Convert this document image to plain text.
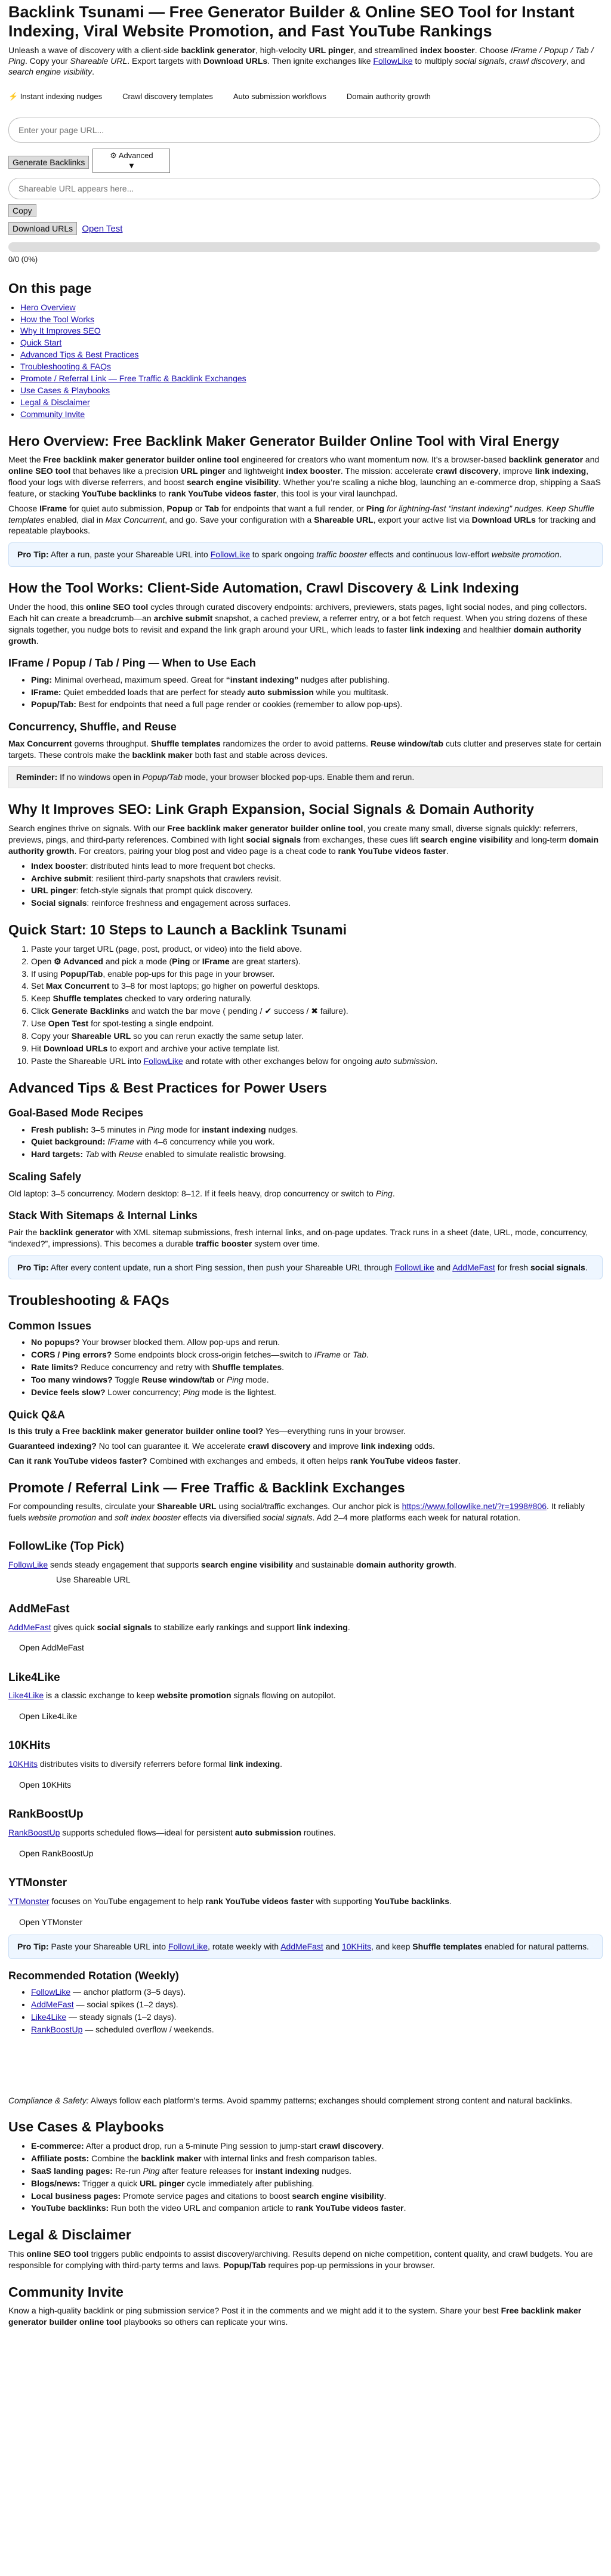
Backlink Tsunami — Free Generator Builder & Online SEO Tool for Instant Indexing, Viral Website Promotion, and Fast YouTube Rankings

Unleash a wave of discovery with a client-side backlink generator, high-velocity URL pinger, and streamlined index booster. Choose IFrame / Popup / Tab / Ping. Copy your Shareable URL. Export targets with Download URLs. Then ignite exchanges like FollowLike to multiply social signals, crawl discovery, and search engine visibility.

⚡ Instant indexing nudges	Crawl discovery templates	Auto submission workflows	Domain authority growth
Enter your page URL...
Generate Backlinks
⚙ Advanced
▼
Shareable URL appears here...
Copy
Download URLs Open Test
0/0 (0%)
On this page
• Hero Overview
• How the Tool Works
• Why It Improves SEO
• Quick Start
• Advanced Tips & Best Practices
• Troubleshooting & FAQs
• Promote / Referral Link — Free Traffic & Backlink Exchanges
• Use Cases & Playbooks
• Legal & Disclaimer
• Community Invite
Hero Overview: Free Backlink Maker Generator Builder Online Tool with Viral Energy

Meet the Free backlink maker generator builder online tool engineered for creators who want momentum now. It’s a browser-based backlink generator and online SEO tool that behaves like a precision URL pinger and lightweight index booster. The mission: accelerate crawl discovery, improve link indexing, flood your logs with diverse referrers, and boost search engine visibility. Whether you’re scaling a niche blog, launching an e-commerce drop, shipping a SaaS feature, or stacking YouTube backlinks to rank YouTube videos faster, this tool is your viral launchpad.

Choose IFrame for quiet auto submission, Popup or Tab for endpoints that want a full render, or Ping for lightning-fast “instant indexing” nudges. Keep Shuffle templates enabled, dial in Max Concurrent, and go. Save your configuration with a Shareable URL, export your active list via Download URLs for tracking and repeatable playbooks.

Pro Tip: After a run, paste your Shareable URL into FollowLike to spark ongoing traffic booster effects and continuous low-effort website promotion.
How the Tool Works: Client-Side Automation, Crawl Discovery & Link Indexing

Under the hood, this online SEO tool cycles through curated discovery endpoints: archivers, previewers, stats pages, light social nodes, and ping collectors. Each hit can create a breadcrumb—an archive submit snapshot, a cached preview, a referrer entry, or a bot fetch request. When you string dozens of these signals together, you nudge bots to revisit and expand the link graph around your URL, which leads to faster link indexing and healthier domain authority growth.

IFrame / Popup / Tab / Ping — When to Use Each
• Ping: Minimal overhead, maximum speed. Great for “instant indexing” nudges after publishing.
• IFrame: Quiet embedded loads that are perfect for steady auto submission while you multitask.
• Popup/Tab: Best for endpoints that need a full page render or cookies (remember to allow pop-ups).
Concurrency, Shuffle, and Reuse

Max Concurrent governs throughput. Shuffle templates randomizes the order to avoid patterns. Reuse window/tab cuts clutter and preserves state for certain targets. These controls make the backlink maker both fast and stable across devices.

Reminder: If no windows open in Popup/Tab mode, your browser blocked pop-ups. Enable them and rerun.
Why It Improves SEO: Link Graph Expansion, Social Signals & Domain Authority

Search engines thrive on signals. With our Free backlink maker generator builder online tool, you create many small, diverse signals quickly: referrers, previews, pings, and third-party references. Combined with light social signals from exchanges, these cues lift search engine visibility and long-term domain authority growth. For creators, pairing your blog post and video page is a cheat code to rank YouTube videos faster.

• Index booster: distributed hints lead to more frequent bot checks.
• Archive submit: resilient third-party snapshots that crawlers revisit.
• URL pinger: fetch-style signals that prompt quick discovery.
• Social signals: reinforce freshness and engagement across surfaces.
Quick Start: 10 Steps to Launch a Backlink Tsunami
1. Paste your target URL (page, post, product, or video) into the field above.
2. Open ⚙ Advanced and pick a mode (Ping or IFrame are great starters).
3. If using Popup/Tab, enable pop-ups for this page in your browser.
4. Set Max Concurrent to 3–8 for most laptops; go higher on powerful desktops.
5. Keep Shuffle templates checked to vary ordering naturally.
6. Click Generate Backlinks and watch the bar move ( pending / ✔ success / ✖ failure).
7. Use Open Test for spot-testing a single endpoint.
8. Copy your Shareable URL so you can rerun exactly the same setup later.
9. Hit Download URLs to export and archive your active template list.
10. Paste the Shareable URL into FollowLike and rotate with other exchanges below for ongoing auto submission.
Advanced Tips & Best Practices for Power Users
Goal-Based Mode Recipes
• Fresh publish: 3–5 minutes in Ping mode for instant indexing nudges.
• Quiet background: IFrame with 4–6 concurrency while you work.
• Hard targets: Tab with Reuse enabled to simulate realistic browsing.
Scaling Safely

Old laptop: 3–5 concurrency. Modern desktop: 8–12. If it feels heavy, drop concurrency or switch to Ping.

Stack With Sitemaps & Internal Links

Pair the backlink generator with XML sitemap submissions, fresh internal links, and on-page updates. Track runs in a sheet (date, URL, mode, concurrency, “indexed?”, impressions). This becomes a durable traffic booster system over time.

Pro Tip: After every content update, run a short Ping session, then push your Shareable URL through FollowLike and AddMeFast for fresh social signals.
Troubleshooting & FAQs
Common Issues
• No popups? Your browser blocked them. Allow pop-ups and rerun.
• CORS / Ping errors? Some endpoints block cross-origin fetches—switch to IFrame or Tab.
• Rate limits? Reduce concurrency and retry with Shuffle templates.
• Too many windows? Toggle Reuse window/tab or Ping mode.
• Device feels slow? Lower concurrency; Ping mode is the lightest.
Quick Q&A

Is this truly a Free backlink maker generator builder online tool? Yes—everything runs in your browser.

Guaranteed indexing? No tool can guarantee it. We accelerate crawl discovery and improve link indexing odds.

Can it rank YouTube videos faster? Combined with exchanges and embeds, it often helps rank YouTube videos faster.

Promote / Referral Link — Free Traffic & Backlink Exchanges

For compounding results, circulate your Shareable URL using social/traffic exchanges. Our anchor pick is https://www.followlike.net/?r=1998#806. It reliably fuels website promotion and soft index booster effects via diversified social signals. Add 2–4 more platforms each week for natural rotation.

FollowLike (Top Pick)

FollowLike sends steady engagement that supports search engine visibility and sustainable domain authority growth.

Use Shareable URL
AddMeFast

AddMeFast gives quick social signals to stabilize early rankings and support link indexing.

Open AddMeFast
Like4Like

Like4Like is a classic exchange to keep website promotion signals flowing on autopilot.

Open Like4Like
10KHits

10KHits distributes visits to diversify referrers before formal link indexing.

Open 10KHits
RankBoostUp

RankBoostUp supports scheduled flows—ideal for persistent auto submission routines.

Open RankBoostUp
YTMonster

YTMonster focuses on YouTube engagement to help rank YouTube videos faster with supporting YouTube backlinks.

Open YTMonster
Pro Tip: Paste your Shareable URL into FollowLike, rotate weekly with AddMeFast and 10KHits, and keep Shuffle templates enabled for natural patterns.
Recommended Rotation (Weekly)
• FollowLike — anchor platform (3–5 days).
• AddMeFast — social spikes (1–2 days).
• Like4Like — steady signals (1–2 days).
• RankBoostUp — scheduled overflow / weekends.

Compliance & Safety: Always follow each platform’s terms. Avoid spammy patterns; exchanges should complement strong content and natural backlinks.

Use Cases & Playbooks
• E-commerce: After a product drop, run a 5-minute Ping session to jump-start crawl discovery.
• Affiliate posts: Combine the backlink maker with internal links and fresh comparison tables.
• SaaS landing pages: Re-run Ping after feature releases for instant indexing nudges.
• Blogs/news: Trigger a quick URL pinger cycle immediately after publishing.
• Local business pages: Promote service pages and citations to boost search engine visibility.
• YouTube backlinks: Run both the video URL and companion article to rank YouTube videos faster.
Legal & Disclaimer

This online SEO tool triggers public endpoints to assist discovery/archiving. Results depend on niche competition, content quality, and crawl budgets. You are responsible for complying with third-party terms and laws. Popup/Tab requires pop-up permissions in your browser.

Community Invite

Know a high-quality backlink or ping submission service? Post it in the comments and we might add it to the system. Share your best Free backlink maker generator builder online tool playbooks so others can replicate your wins.
